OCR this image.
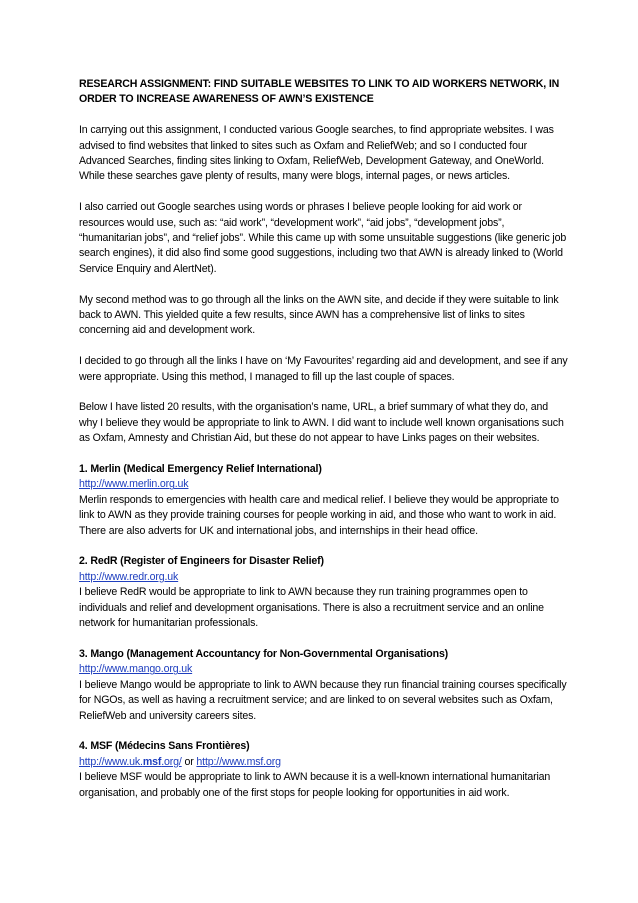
RESEARCH ASSIGNMENT: FIND SUITABLE WEBSITES TO LINK TO AID WORKERS NETWORK, IN
ORDER TO INCREASE AWARENESS OF AWN’S EXISTENCE
In carrying out this assignment, I conducted various Google searches, to find appropriate websites. I was advised to find websites that linked to sites such as Oxfam and ReliefWeb; and so I conducted four Advanced Searches, finding sites linking to Oxfam, ReliefWeb, Development Gateway, and OneWorld. While these searches gave plenty of results, many were blogs, internal pages, or news articles.
I also carried out Google searches using words or phrases I believe people looking for aid work or resources would use, such as: “aid work”, “development work”, “aid jobs”, “development jobs”, “humanitarian jobs”, and “relief jobs”. While this came up with some unsuitable suggestions (like generic job search engines), it did also find some good suggestions, including two that AWN is already linked to (World Service Enquiry and AlertNet).
My second method was to go through all the links on the AWN site, and decide if they were suitable to link back to AWN. This yielded quite a few results, since AWN has a comprehensive list of links to sites concerning aid and development work.
I decided to go through all the links I have on ‘My Favourites’ regarding aid and development, and see if any were appropriate. Using this method, I managed to fill up the last couple of spaces.
Below I have listed 20 results, with the organisation’s name, URL, a brief summary of what they do, and why I believe they would be appropriate to link to AWN. I did want to include well known organisations such as Oxfam, Amnesty and Christian Aid, but these do not appear to have Links pages on their websites.
1. Merlin (Medical Emergency Relief International)
http://www.merlin.org.uk
Merlin responds to emergencies with health care and medical relief. I believe they would be appropriate to link to AWN as they provide training courses for people working in aid, and those who want to work in aid. There are also adverts for UK and international jobs, and internships in their head office.
2. RedR (Register of Engineers for Disaster Relief)
http://www.redr.org.uk
I believe RedR would be appropriate to link to AWN because they run training programmes open to individuals and relief and development organisations. There is also a recruitment service and an online network for humanitarian professionals.
3. Mango (Management Accountancy for Non-Governmental Organisations)
http://www.mango.org.uk
I believe Mango would be appropriate to link to AWN because they run financial training courses specifically for NGOs, as well as having a recruitment service; and are linked to on several websites such as Oxfam, ReliefWeb and university careers sites.
4. MSF (Médecins Sans Frontières)
http://www.uk.msf.org/ or http://www.msf.org
I believe MSF would be appropriate to link to AWN because it is a well-known international humanitarian organisation, and probably one of the first stops for people looking for opportunities in aid work.
